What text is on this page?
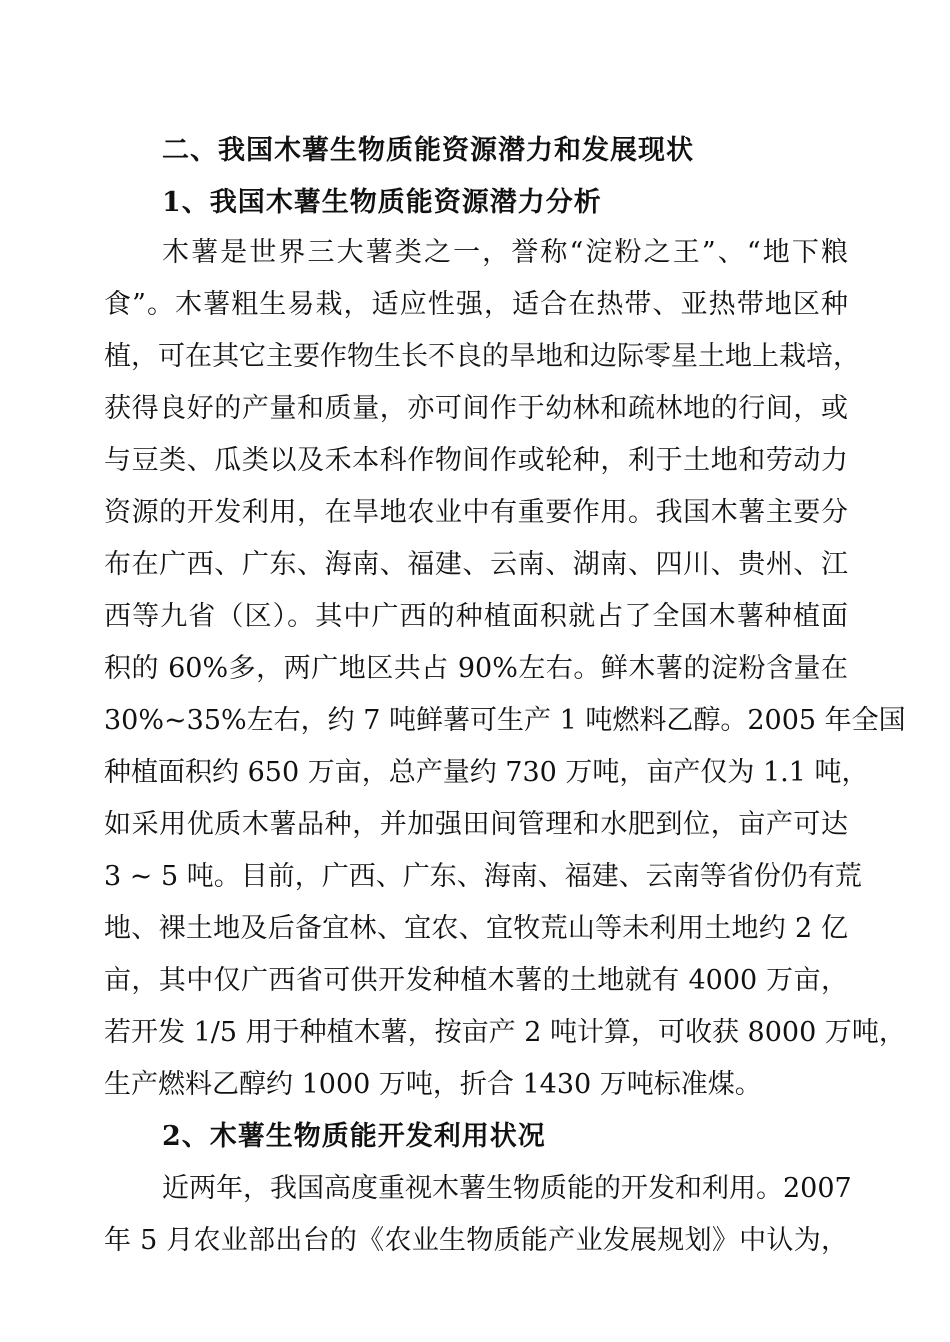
二、我国木薯生物质能资源潜力和发展现状
1、我国木薯生物质能资源潜力分析
木薯是世界三大薯类之一，誉称“淀粉之王”、“地下粮
食”。木薯粗生易栽，适应性强，适合在热带、亚热带地区种
植，可在其它主要作物生长不良的旱地和边际零星土地上栽培，
获得良好的产量和质量，亦可间作于幼林和疏林地的行间，或
与豆类、瓜类以及禾本科作物间作或轮种，利于土地和劳动力
资源的开发利用，在旱地农业中有重要作用。我国木薯主要分
布在广西、广东、海南、福建、云南、湖南、四川、贵州、江
西等九省（区）。其中广西的种植面积就占了全国木薯种植面
积的 60%多，两广地区共占 90%左右。鲜木薯的淀粉含量在
30%~35%左右，约 7 吨鲜薯可生产 1 吨燃料乙醇。2005 年全国
种植面积约 650 万亩，总产量约 730 万吨，亩产仅为 1.1 吨，
如采用优质木薯品种，并加强田间管理和水肥到位，亩产可达
3 ~ 5 吨。目前，广西、广东、海南、福建、云南等省份仍有荒
地、裸土地及后备宜林、宜农、宜牧荒山等未利用土地约 2 亿
亩，其中仅广西省可供开发种植木薯的土地就有 4000 万亩，
若开发 1/5 用于种植木薯，按亩产 2 吨计算，可收获 8000 万吨，
生产燃料乙醇约 1000 万吨，折合 1430 万吨标准煤。
2、木薯生物质能开发利用状况
近两年，我国高度重视木薯生物质能的开发和利用。2007
年 5 月农业部出台的《农业生物质能产业发展规划》中认为，
